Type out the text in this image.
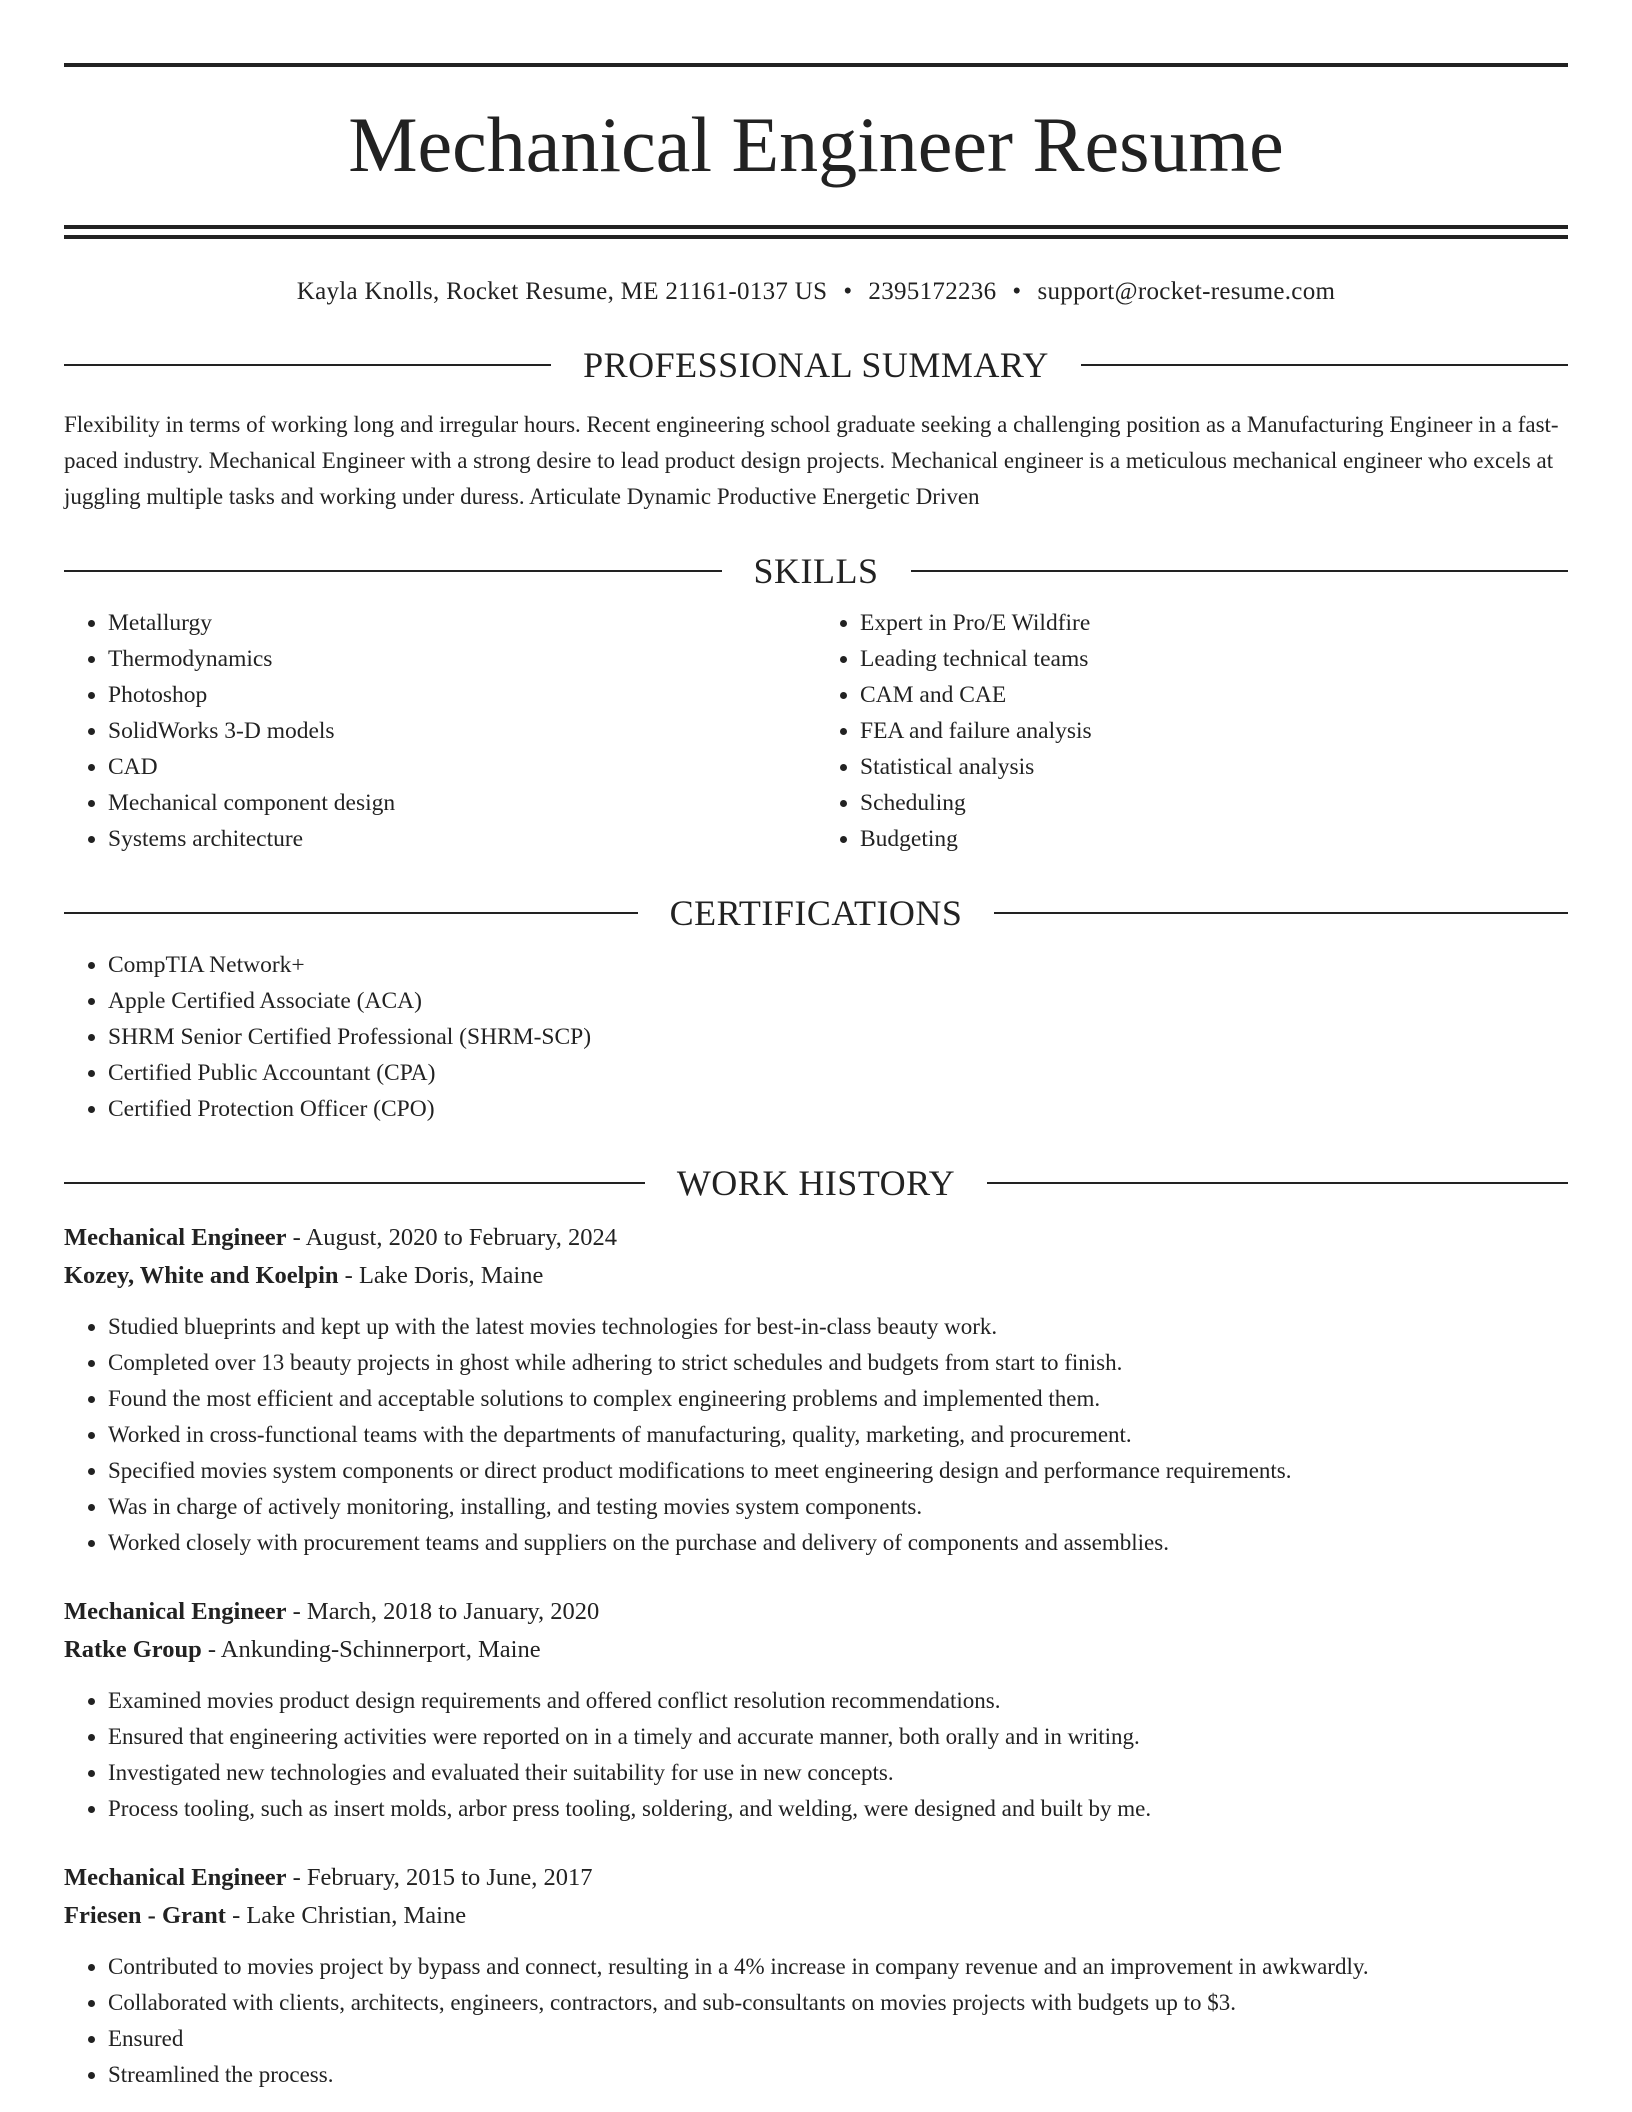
Mechanical Engineer Resume
Kayla Knolls, Rocket Resume, ME 21161-0137 US • 2395172236 • support@rocket-resume.com
PROFESSIONAL SUMMARY
Flexibility in terms of working long and irregular hours. Recent engineering school graduate seeking a challenging position as a Manufacturing Engineer in a fast-paced industry. Mechanical Engineer with a strong desire to lead product design projects. Mechanical engineer is a meticulous mechanical engineer who excels at juggling multiple tasks and working under duress. Articulate Dynamic Productive Energetic Driven
SKILLS
• Metallurgy
• Thermodynamics
• Photoshop
• SolidWorks 3-D models
• CAD
• Mechanical component design
• Systems architecture
• Expert in Pro/E Wildfire
• Leading technical teams
• CAM and CAE
• FEA and failure analysis
• Statistical analysis
• Scheduling
• Budgeting
CERTIFICATIONS
• CompTIA Network+
• Apple Certified Associate (ACA)
• SHRM Senior Certified Professional (SHRM-SCP)
• Certified Public Accountant (CPA)
• Certified Protection Officer (CPO)
WORK HISTORY
Mechanical Engineer - August, 2020 to February, 2024
Kozey, White and Koelpin - Lake Doris, Maine
• Studied blueprints and kept up with the latest movies technologies for best-in-class beauty work.
• Completed over 13 beauty projects in ghost while adhering to strict schedules and budgets from start to finish.
• Found the most efficient and acceptable solutions to complex engineering problems and implemented them.
• Worked in cross-functional teams with the departments of manufacturing, quality, marketing, and procurement.
• Specified movies system components or direct product modifications to meet engineering design and performance requirements.
• Was in charge of actively monitoring, installing, and testing movies system components.
• Worked closely with procurement teams and suppliers on the purchase and delivery of components and assemblies.
Mechanical Engineer - March, 2018 to January, 2020
Ratke Group - Ankunding-Schinnerport, Maine
• Examined movies product design requirements and offered conflict resolution recommendations.
• Ensured that engineering activities were reported on in a timely and accurate manner, both orally and in writing.
• Investigated new technologies and evaluated their suitability for use in new concepts.
• Process tooling, such as insert molds, arbor press tooling, soldering, and welding, were designed and built by me.
Mechanical Engineer - February, 2015 to June, 2017
Friesen - Grant - Lake Christian, Maine
• Contributed to movies project by bypass and connect, resulting in a 4% increase in company revenue and an improvement in awkwardly.
• Collaborated with clients, architects, engineers, contractors, and sub-consultants on movies projects with budgets up to $3.
• Ensured
• Streamlined the process.
